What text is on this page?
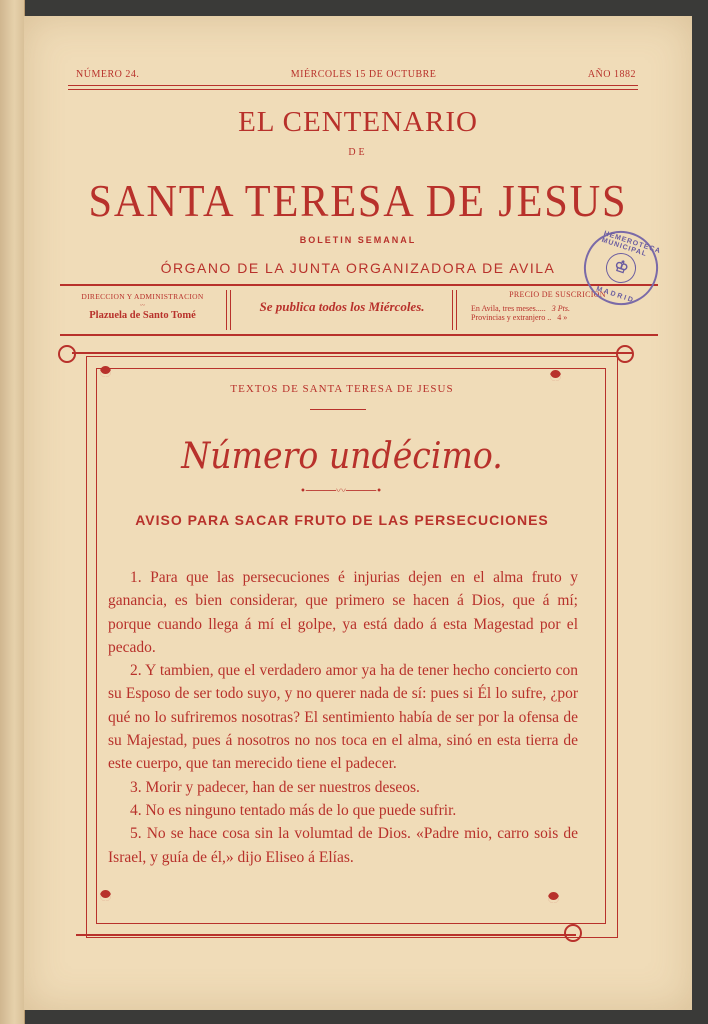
NÚMERO 24.	MIÉRCOLES 15 DE OCTUBRE	AÑO 1882
EL CENTENARIO
DE
SANTA TERESA DE JESUS
BOLETIN SEMANAL
ÓRGANO DE LA JUNTA ORGANIZADORA DE AVILA
DIRECCION Y ADMINISTRACION
〰
Plazuela de Santo Tomé
Se publica todos los Miércoles.
PRECIO DE SUSCRICION
En Avila, tres meses..... 3 Pts.
Provincias y extranjero .. 4 »
HEMEROTECA MUNICIPAL
♔
MADRID
TEXTOS DE SANTA TERESA DE JESUS
Número undécimo.
•─────〰─────•
AVISO PARA SACAR FRUTO DE LAS PERSECUCIONES

1. Para que las persecuciones é injurias dejen en el alma fruto y ganancia, es bien considerar, que primero se hacen á Dios, que á mí; porque cuando llega á mí el golpe, ya está dado á esta Magestad por el pecado.

2. Y tambien, que el verdadero amor ya ha de tener hecho concierto con su Esposo de ser todo suyo, y no querer nada de sí: pues si Él lo sufre, ¿por qué no lo sufriremos nosotras? El sentimiento había de ser por la ofensa de su Majestad, pues á nosotros no nos toca en el alma, sinó en esta tierra de este cuerpo, que tan merecido tiene el padecer.

3. Morir y padecer, han de ser nuestros deseos.

4. No es ninguno tentado más de lo que puede sufrir.

5. No se hace cosa sin la volumtad de Dios. «Padre mio, carro sois de Israel, y guía de él,» dijo Eliseo á Elías.
